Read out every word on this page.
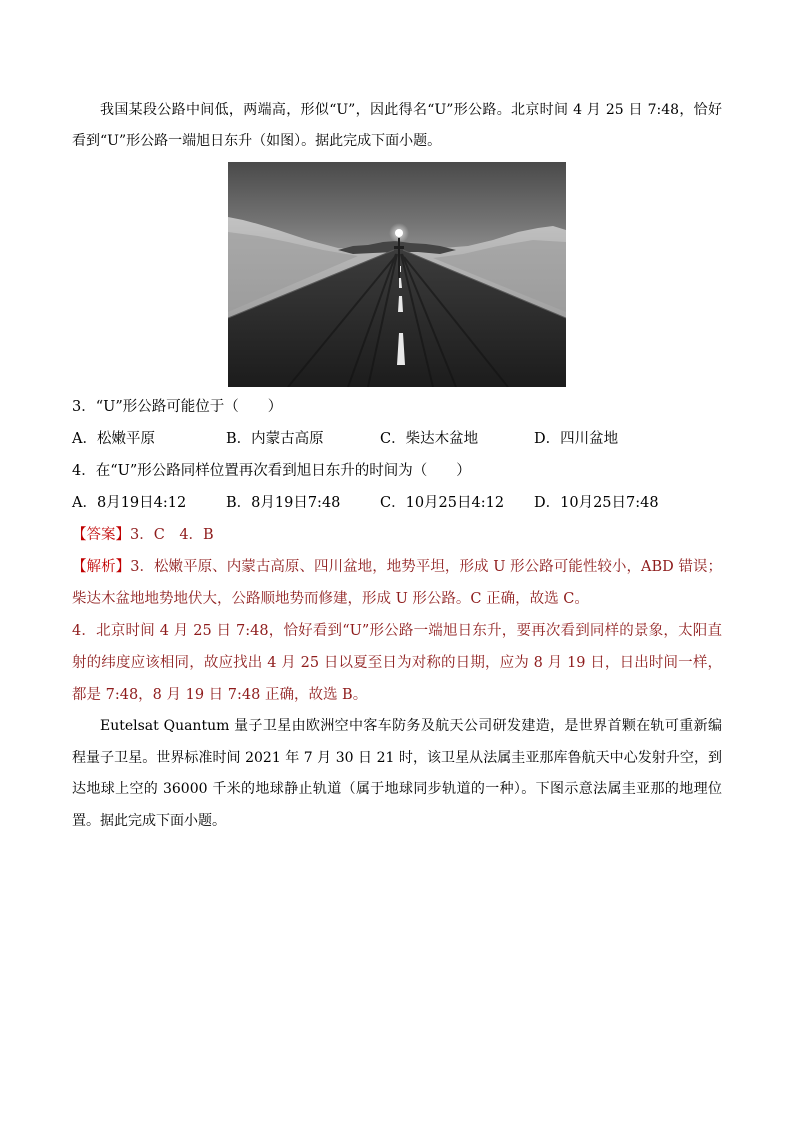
我国某段公路中间低，两端高，形似“U”，因此得名“U”形公路。北京时间 4 月 25 日 7:48，恰好看到“U”形公路一端旭日东升（如图）。据此完成下面小题。

3．“U”形公路可能位于（　　）

A．松嫩平原	B．内蒙古高原	C．柴达木盆地	D．四川盆地

4．在“U”形公路同样位置再次看到旭日东升的时间为（　　）

A．8月19日4:12	B．8月19日7:48	C．10月25日4:12	D．10月25日7:48

【答案】3．C　4．B

【解析】3．松嫩平原、内蒙古高原、四川盆地，地势平坦，形成 U 形公路可能性较小，ABD 错误；柴达木盆地地势地伏大，公路顺地势而修建，形成 U 形公路。C 正确，故选 C。

4．北京时间 4 月 25 日 7:48，恰好看到“U”形公路一端旭日东升，要再次看到同样的景象，太阳直射的纬度应该相同，故应找出 4 月 25 日以夏至日为对称的日期，应为 8 月 19 日，日出时间一样，都是 7:48，8 月 19 日 7:48 正确，故选 B。

Eutelsat Quantum 量子卫星由欧洲空中客车防务及航天公司研发建造，是世界首颗在轨可重新编程量子卫星。世界标准时间 2021 年 7 月 30 日 21 时，该卫星从法属圭亚那库鲁航天中心发射升空，到达地球上空的 36000 千米的地球静止轨道（属于地球同步轨道的一种）。下图示意法属圭亚那的地理位置。据此完成下面小题。
